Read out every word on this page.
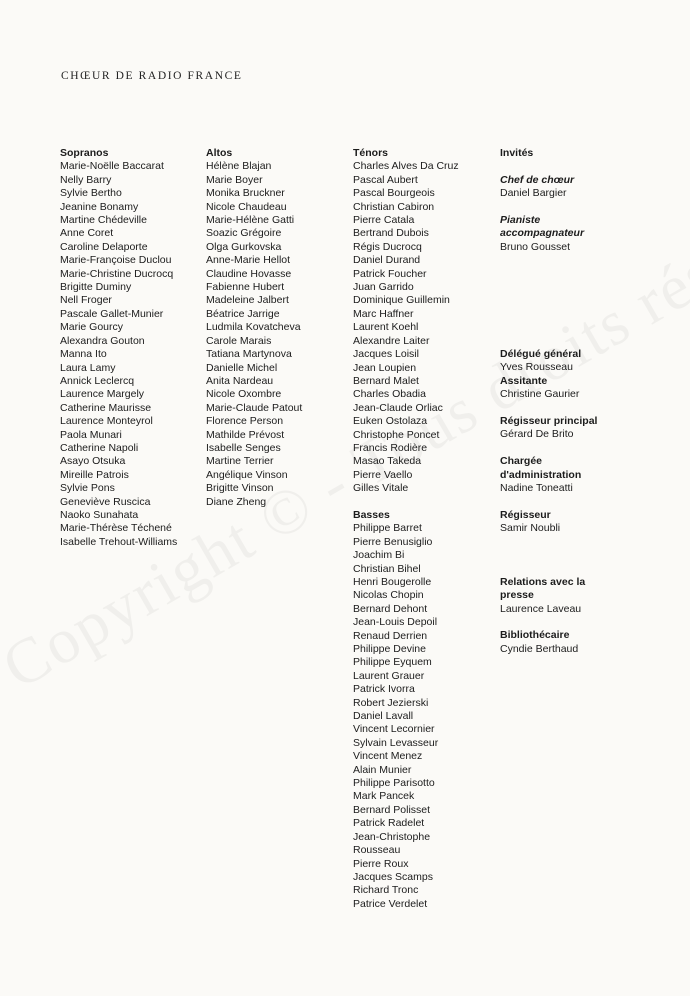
CHŒUR DE RADIO FRANCE
Sopranos
Marie-Noëlle Baccarat
Nelly Barry
Sylvie Bertho
Jeanine Bonamy
Martine Chédeville
Anne Coret
Caroline Delaporte
Marie-Françoise Duclou
Marie-Christine Ducrocq
Brigitte Duminy
Nell Froger
Pascale Gallet-Munier
Marie Gourcy
Alexandra Gouton
Manna Ito
Laura Lamy
Annick Leclercq
Laurence Margely
Catherine Maurisse
Laurence Monteyrol
Paola Munari
Catherine Napoli
Asayo Otsuka
Mireille Patrois
Sylvie Pons
Geneviève Ruscica
Naoko Sunahata
Marie-Thérèse Téchené
Isabelle Trehout-Williams
Altos
Hélène Blajan
Marie Boyer
Monika Bruckner
Nicole Chaudeau
Marie-Hélène Gatti
Soazic Grégoire
Olga Gurkovska
Anne-Marie Hellot
Claudine Hovasse
Fabienne Hubert
Madeleine Jalbert
Béatrice Jarrige
Ludmila Kovatcheva
Carole Marais
Tatiana Martynova
Danielle Michel
Anita Nardeau
Nicole Oxombre
Marie-Claude Patout
Florence Person
Mathilde Prévost
Isabelle Senges
Martine Terrier
Angélique Vinson
Brigitte Vinson
Diane Zheng
Ténors
Charles Alves Da Cruz
Pascal Aubert
Pascal Bourgeois
Christian Cabiron
Pierre Catala
Bertrand Dubois
Régis Ducrocq
Daniel Durand
Patrick Foucher
Juan Garrido
Dominique Guillemin
Marc Haffner
Laurent Koehl
Alexandre Laiter
Jacques Loisil
Jean Loupien
Bernard Malet
Charles Obadia
Jean-Claude Orliac
Euken Ostolaza
Christophe Poncet
Francis Rodière
Masao Takeda
Pierre Vaello
Gilles Vitale
Basses
Philippe Barret
Pierre Benusiglio
Joachim Bi
Christian Bihel
Henri Bougerolle
Nicolas Chopin
Bernard Dehont
Jean-Louis Depoil
Renaud Derrien
Philippe Devine
Philippe Eyquem
Laurent Grauer
Patrick Ivorra
Robert Jezierski
Daniel Lavall
Vincent Lecornier
Sylvain Levasseur
Vincent Menez
Alain Munier
Philippe Parisotto
Mark Pancek
Bernard Polisset
Patrick Radelet
Jean-Christophe
Rousseau
Pierre Roux
Jacques Scamps
Richard Tronc
Patrice Verdelet
Invités
Chef de chœur
Daniel Bargier
Pianiste
accompagnateur
Bruno Gousset
Délégué général
Yves Rousseau
Assitante
Christine Gaurier
Régisseur principal
Gérard De Brito
Chargée
d'administration
Nadine Toneatti
Régisseur
Samir Noubli
Relations avec la
presse
Laurence Laveau
Bibliothécaire
Cyndie Berthaud
